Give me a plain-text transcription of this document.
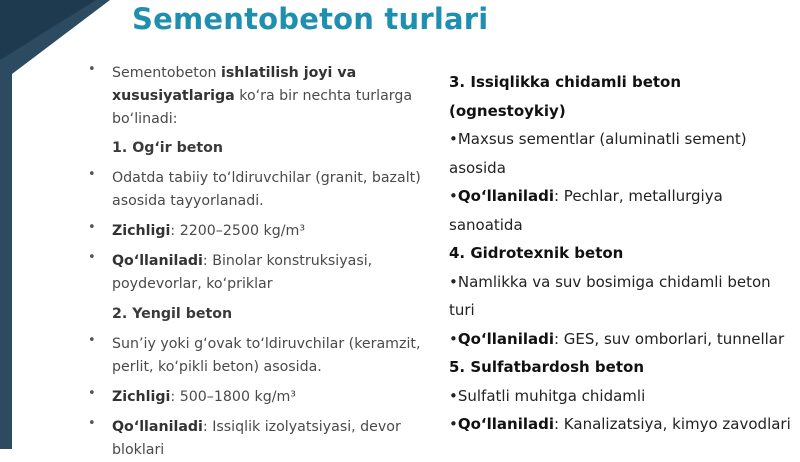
Sementobeton turlari
• Sementobeton ishlatilish joyi va xususiyatlariga ko‘ra bir nechta turlarga bo‘linadi:
1. Og‘ir beton
• Odatda tabiiy to‘ldiruvchilar (granit, bazalt) asosida tayyorlanadi.
• Zichligi: 2200–2500 kg/m³
• Qo‘llaniladi: Binolar konstruksiyasi, poydevorlar, ko‘priklar
2. Yengil beton
• Sun’iy yoki g‘ovak to‘ldiruvchilar (keramzit, perlit, ko‘pikli beton) asosida.
• Zichligi: 500–1800 kg/m³
• Qo‘llaniladi: Issiqlik izolyatsiyasi, devor bloklari
3. Issiqlikka chidamli beton (ognestoykiy)
•Maxsus sementlar (aluminatli sement) asosida
•Qo‘llaniladi: Pechlar, metallurgiya sanoatida
4. Gidrotexnik beton
•Namlikka va suv bosimiga chidamli beton turi
•Qo‘llaniladi: GES, suv omborlari, tunnellar
5. Sulfatbardosh beton
•Sulfatli muhitga chidamli
•Qo‘llaniladi: Kanalizatsiya, kimyo zavodlari
